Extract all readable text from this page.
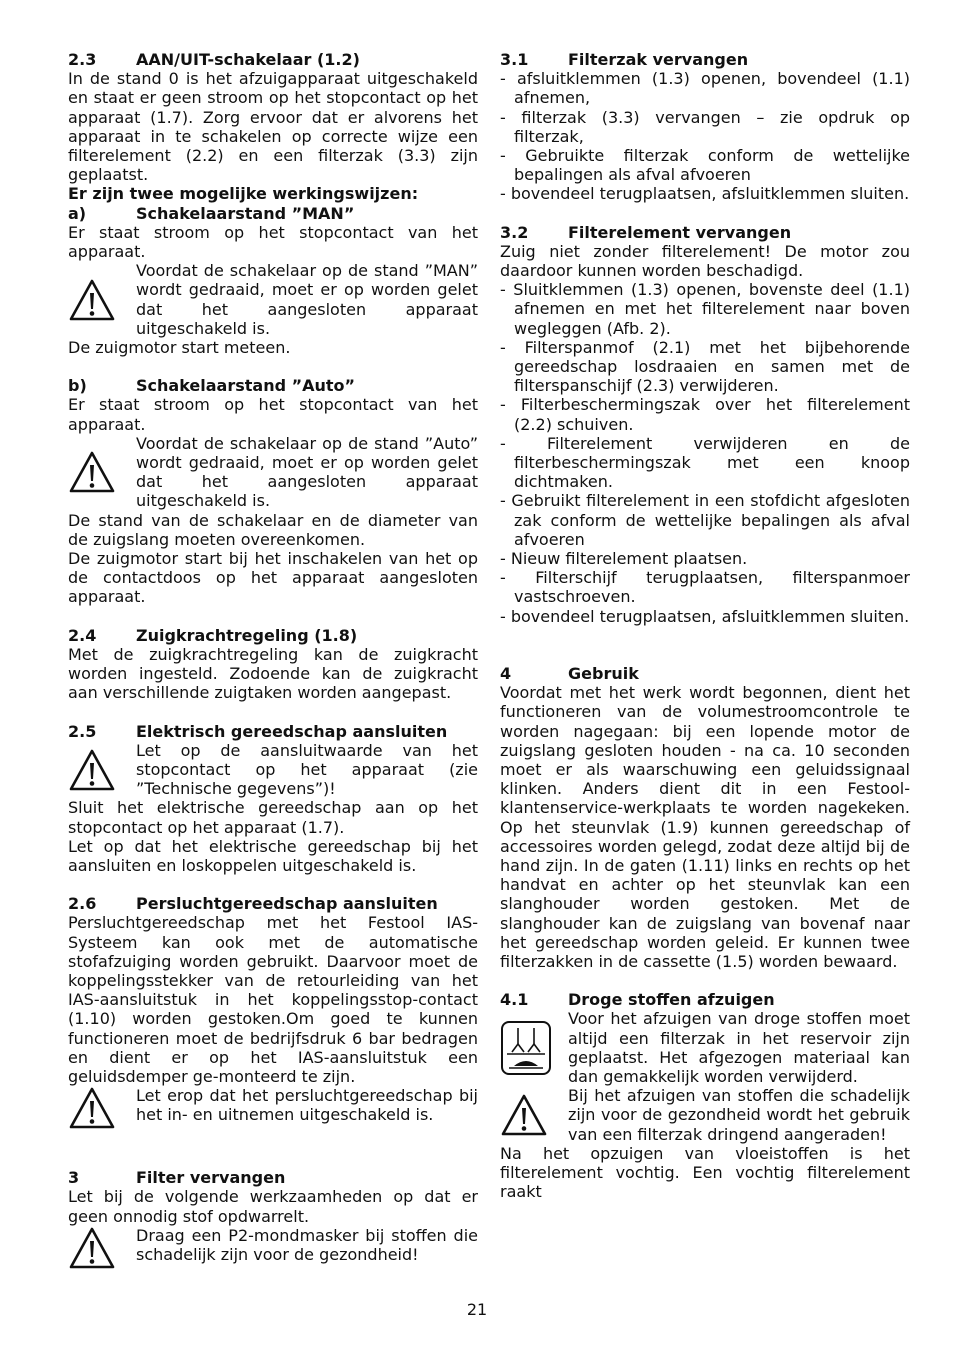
2.3	AAN/UIT-schakelaar (1.2)

In de stand 0 is het afzuigapparaat uitgeschakeld en staat er geen stroom op het stopcontact op het apparaat (1.7). Zorg ervoor dat er alvorens het apparaat in te schakelen op correcte wijze een filterelement (2.2) en een filterzak (3.3) zijn geplaatst.

Er zijn twee mogelijke werkingswijzen:

a)	Schakelaarstand ”MAN”

Er staat stroom op het stopcontact van het apparaat.

Voordat de schakelaar op de stand ”MAN” wordt gedraaid, moet er op worden gelet dat het aangesloten apparaat uitgeschakeld is.

De zuigmotor start meteen.

b)	Schakelaarstand ”Auto”

Er staat stroom op het stopcontact van het apparaat.

Voordat de schakelaar op de stand ”Auto” wordt gedraaid, moet er op worden gelet dat het aangesloten apparaat uitgeschakeld is.

De stand van de schakelaar en de diameter van de zuigslang moeten overeenkomen.

De zuigmotor start bij het inschakelen van het op de contactdoos op het apparaat aangesloten apparaat.

2.4	Zuigkrachtregeling (1.8)

Met de zuigkrachtregeling kan de zuigkracht worden ingesteld. Zodoende kan de zuigkracht aan verschillende zuigtaken worden aangepast.

2.5	Elektrisch gereedschap aansluiten
Let op de aansluitwaarde van het stopcontact op het apparaat (zie ”Technische gegevens”)!

Sluit het elektrische gereedschap aan op het stopcontact op het apparaat (1.7).

Let op dat het elektrische gereedschap bij het aansluiten en loskoppelen uitgeschakeld is.

2.6	Persluchtgereedschap aansluiten

Persluchtgereedschap met het Festool IAS-Systeem kan ook met de automatische stofafzuiging worden gebruikt. Daarvoor moet de koppelingsstekker van de retourleiding van het IAS-aansluitstuk in het koppelingsstop-contact (1.10) worden gestoken.Om goed te kunnen functioneren moet de bedrijfsdruk 6 bar bedragen en dient er op het IAS-aansluitstuk een geluidsdemper ge-monteerd te zijn.

Let erop dat het persluchtgereedschap bij het in- en uitnemen uitgeschakeld is.
3	Filter vervangen

Let bij de volgende werkzaamheden op dat er geen onnodig stof opdwarrelt.

Draag een P2-mondmasker bij stoffen die schadelijk zijn voor de gezondheid!
3.1	Filterzak vervangen
- afsluitklemmen (1.3) openen, bovendeel (1.1) afnemen,
- filterzak (3.3) vervangen – zie opdruk op filterzak,
- Gebruikte filterzak conform de wettelijke bepalingen als afval afvoeren
- bovendeel terugplaatsen, afsluitklemmen sluiten.
3.2	Filterelement vervangen

Zuig niet zonder filterelement! De motor zou daardoor kunnen worden beschadigd.

- Sluitklemmen (1.3) openen, bovenste deel (1.1) afnemen en met het filterelement naar boven wegleggen (Afb. 2).
- Filterspanmof (2.1) met het bijbehorende gereedschap losdraaien en samen met de filterspanschijf (2.3) verwijderen.
- Filterbeschermingszak over het filterelement (2.2) schuiven.
- Filterelement verwijderen en de filterbeschermingszak met een knoop dichtmaken.
- Gebruikt filterelement in een stofdicht afgesloten zak conform de wettelijke bepalingen als afval afvoeren
- Nieuw filterelement plaatsen.
- Filterschijf terugplaatsen, filterspanmoer vastschroeven.
- bovendeel terugplaatsen, afsluitklemmen sluiten.
4	Gebruik

Voordat met het werk wordt begonnen, dient het functioneren van de volumestroomcontrole te worden nagegaan: bij een lopende motor de zuigslang gesloten houden - na ca. 10 seconden moet er als waarschuwing een geluidssignaal klinken. Anders dient dit in een Festool-klantenservice-werkplaats te worden nagekeken. Op het steunvlak (1.9) kunnen gereedschap of accessoires worden gelegd, zodat deze altijd bij de hand zijn. In de gaten (1.11) links en rechts op het handvat en achter op het steunvlak kan een slanghouder worden gestoken. Met de slanghouder kan de zuigslang van bovenaf naar het gereedschap worden geleid. Er kunnen twee filterzakken in de cassette (1.5) worden bewaard.

4.1	Droge stoffen afzuigen
Voor het afzuigen van droge stoffen moet altijd een filterzak in het reservoir zijn geplaatst. Het afgezogen materiaal kan dan gemakkelijk worden verwijderd.
Bij het afzuigen van stoffen die schadelijk zijn voor de gezondheid wordt het gebruik van een filterzak dringend aangeraden!

Na het opzuigen van vloeistoffen is het filterelement vochtig. Een vochtig filterelement raakt

21
